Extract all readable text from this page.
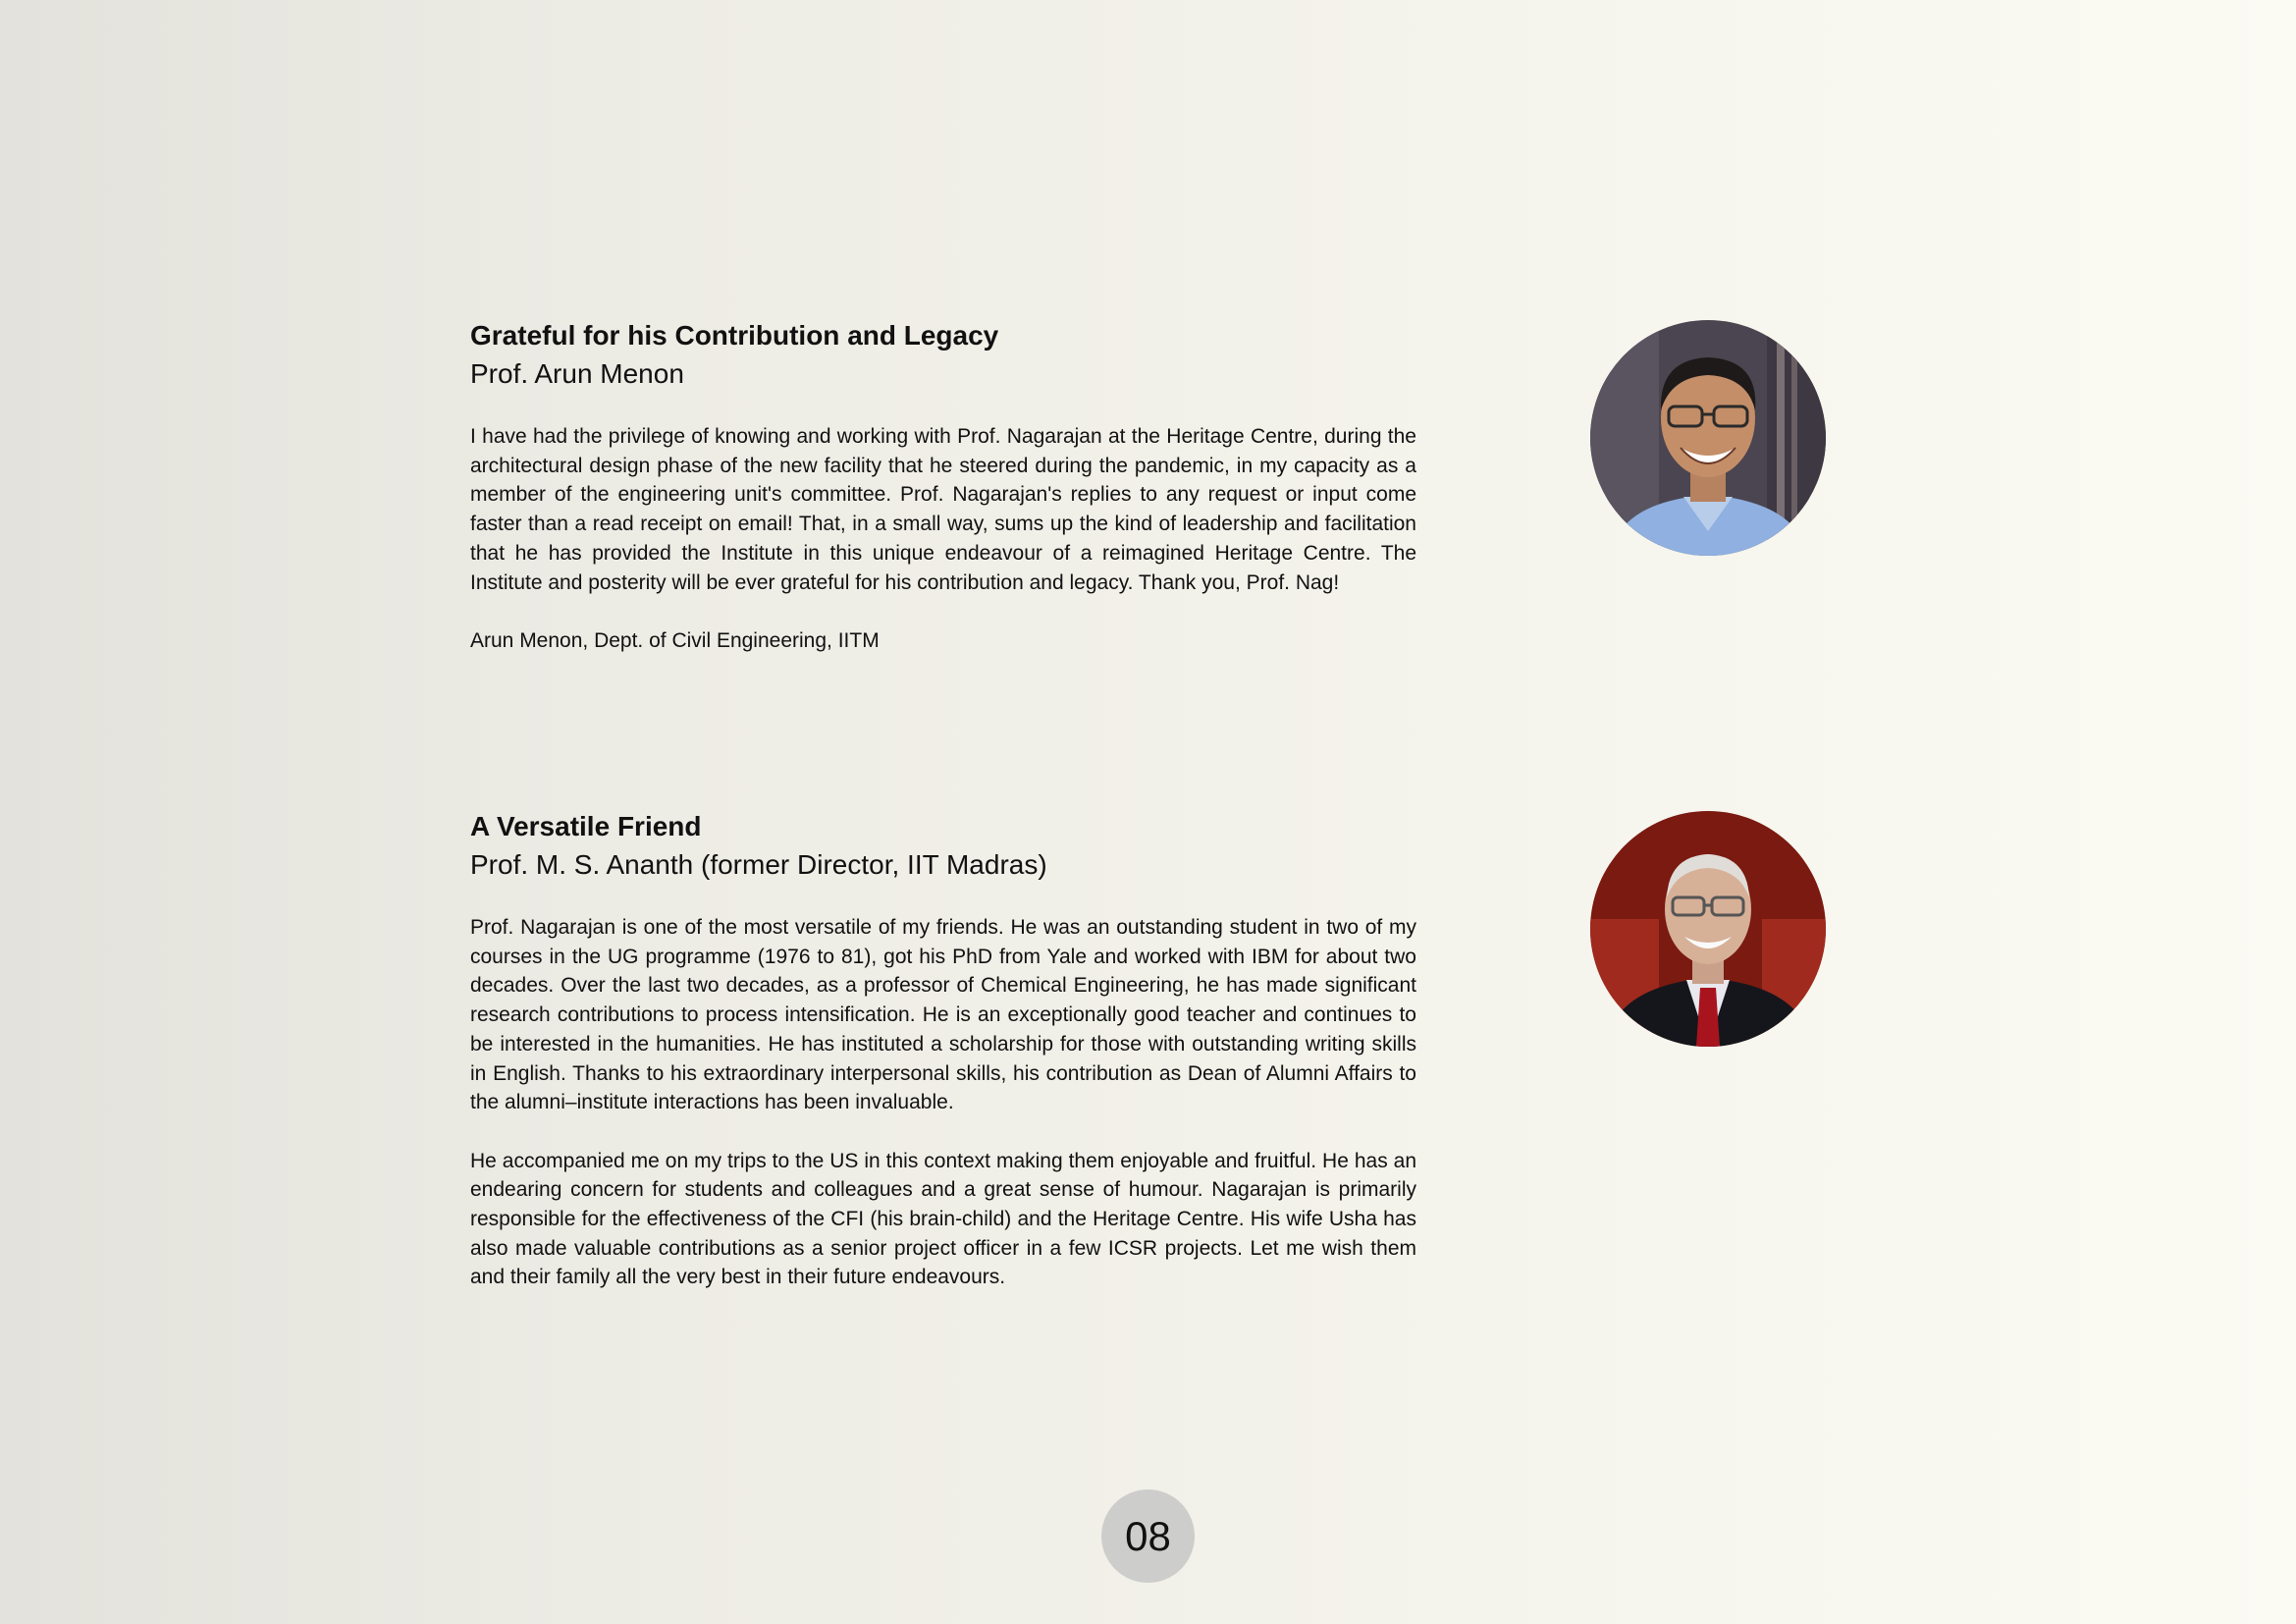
Grateful for his Contribution and Legacy
Prof. Arun Menon

I have had the privilege of knowing and working with Prof. Nagarajan at the Heritage Centre, during the architectural design phase of the new facility that he steered during the pandemic, in my capacity as a member of the engineering unit's committee. Prof. Nagarajan's replies to any request or input come faster than a read receipt on email! That, in a small way, sums up the kind of leadership and facilitation that he has provided the Institute in this unique endeavour of a reimagined Heritage Centre. The Institute and posterity will be ever grateful for his contribution and legacy. Thank you, Prof. Nag!

Arun Menon, Dept. of Civil Engineering, IITM

A Versatile Friend
Prof. M. S. Ananth (former Director, IIT Madras)

Prof. Nagarajan is one of the most versatile of my friends. He was an outstanding student in two of my courses in the UG programme (1976 to 81), got his PhD from Yale and worked with IBM for about two decades. Over the last two decades, as a professor of Chemical Engineering, he has made significant research contributions to process intensification. He is an exceptionally good teacher and continues to be interested in the humanities. He has instituted a scholarship for those with outstanding writing skills in English. Thanks to his extraordinary interpersonal skills, his contribution as Dean of Alumni Affairs to the alumni–institute interactions has been invaluable.

He accompanied me on my trips to the US in this context making them enjoyable and fruitful. He has an endearing concern for students and colleagues and a great sense of humour. Nagarajan is primarily responsible for the effectiveness of the CFI (his brain-child) and the Heritage Centre. His wife Usha has also made valuable contributions as a senior project officer in a few ICSR projects. Let me wish them and their family all the very best in their future endeavours.

08
